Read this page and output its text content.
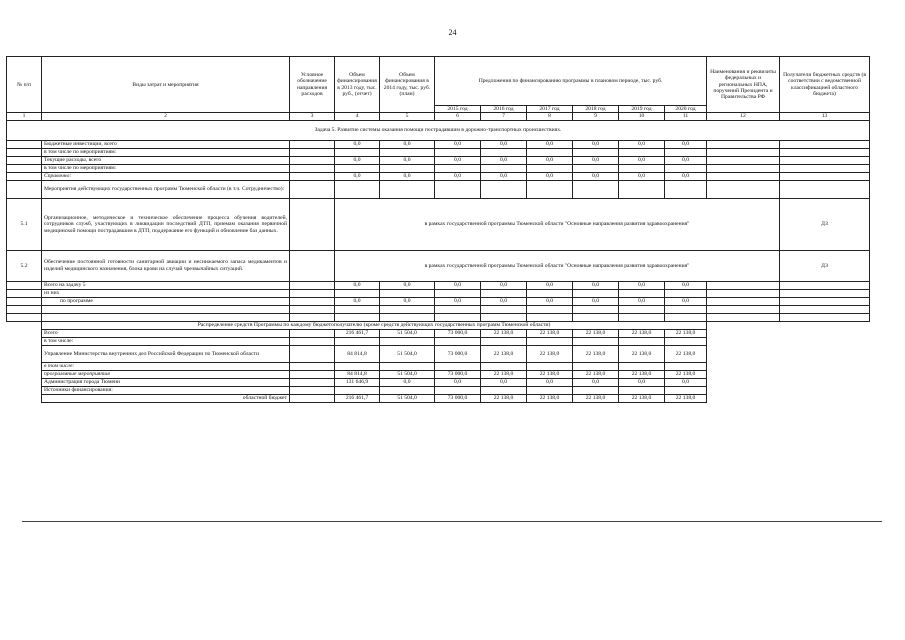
24
№ п/п	Виды затрат и мероприятия	Условное обозначение направления расходов	Объем финансирования в 2013 году, тыс. руб., (отчет)	Объем финансирования в 2014 году, тыс. руб. (план)	Предложения по финансированию программы в плановом периоде, тыс. руб.						Наименования и реквизиты федеральных и региональных НПА, поручений Президента и Правительства РФ	Получатели бюджетных средств (в соответствии с ведомственной классификацией областного бюджета)
					2015 год	2016 год	2017 год	2018 год	2019 год	2020 год		
1	2	3	4	5	6	7	8	9	10	11	12	13
Задача 5. Развитие системы оказания помощи пострадавшим в дорожно-транспортных происшествиях.												
	Бюджетные инвестиции, всего		0,0	0,0	0,0	0,0	0,0	0,0	0,0	0,0		
	в том числе по мероприятиям:											
	Текущие расходы, всего		0,0	0,0	0,0	0,0	0,0	0,0	0,0	0,0		
	в том числе по мероприятиям:											
	Справочно:		0,0	0,0	0,0	0,0	0,0	0,0	0,0	0,0		
	Мероприятия действующих государственных программ Тюменской области (в т.ч. Сотрудничество):											
5.1	Организационное, методическое и техническое обеспечение процесса обучения водителей, сотрудников служб, участвующих в ликвидации последствий ДТП, приемам оказания первичной медицинской помощи пострадавшим в ДТП, поддержание его функций и обновление баз данных.		в рамках государственной программы Тюменской области "Основные направления развития здравоохранения"									ДЗ
5.2	Обеспечение постоянной готовности санитарной авиации и неснижаемого запаса медикаментов и изделий медицинского назначения, блока крови на случай чрезвычайных ситуаций.		в рамках государственной программы Тюменской области "Основные направления развития здравоохранения"									ДЗ
	Всего на задачу 5		0,0	0,0	0,0	0,0	0,0	0,0	0,0	0,0		
	из них											
	по программе		0,0	0,0	0,0	0,0	0,0	0,0	0,0	0,0		

	Распределение средств Программы по каждому бюджетополучателю (кроме средств действующих государственных программ Тюменской области)											
	Всего		216 461,7	51 504,0	73 000,0	22 138,0	22 138,0	22 138,0	22 138,0	22 138,0		
	в том числе:											
	Управление Министерства внутренних дел Российской Федерации по Тюменской области		84 814,8	51 504,0	73 000,0	22 138,0	22 138,0	22 138,0	22 138,0	22 138,0		
	в том числе:											
	программные мероприятия		84 814,8	51 504,0	73 000,0	22 138,0	22 138,0	22 138,0	22 138,0	22 138,0		
	Администрация города Тюмени		131 646,9	0,0	0,0	0,0	0,0	0,0	0,0	0,0		
	Источники финансирования:											
	областной бюджет		216 461,7	51 504,0	73 000,0	22 138,0	22 138,0	22 138,0	22 138,0	22 138,0		
